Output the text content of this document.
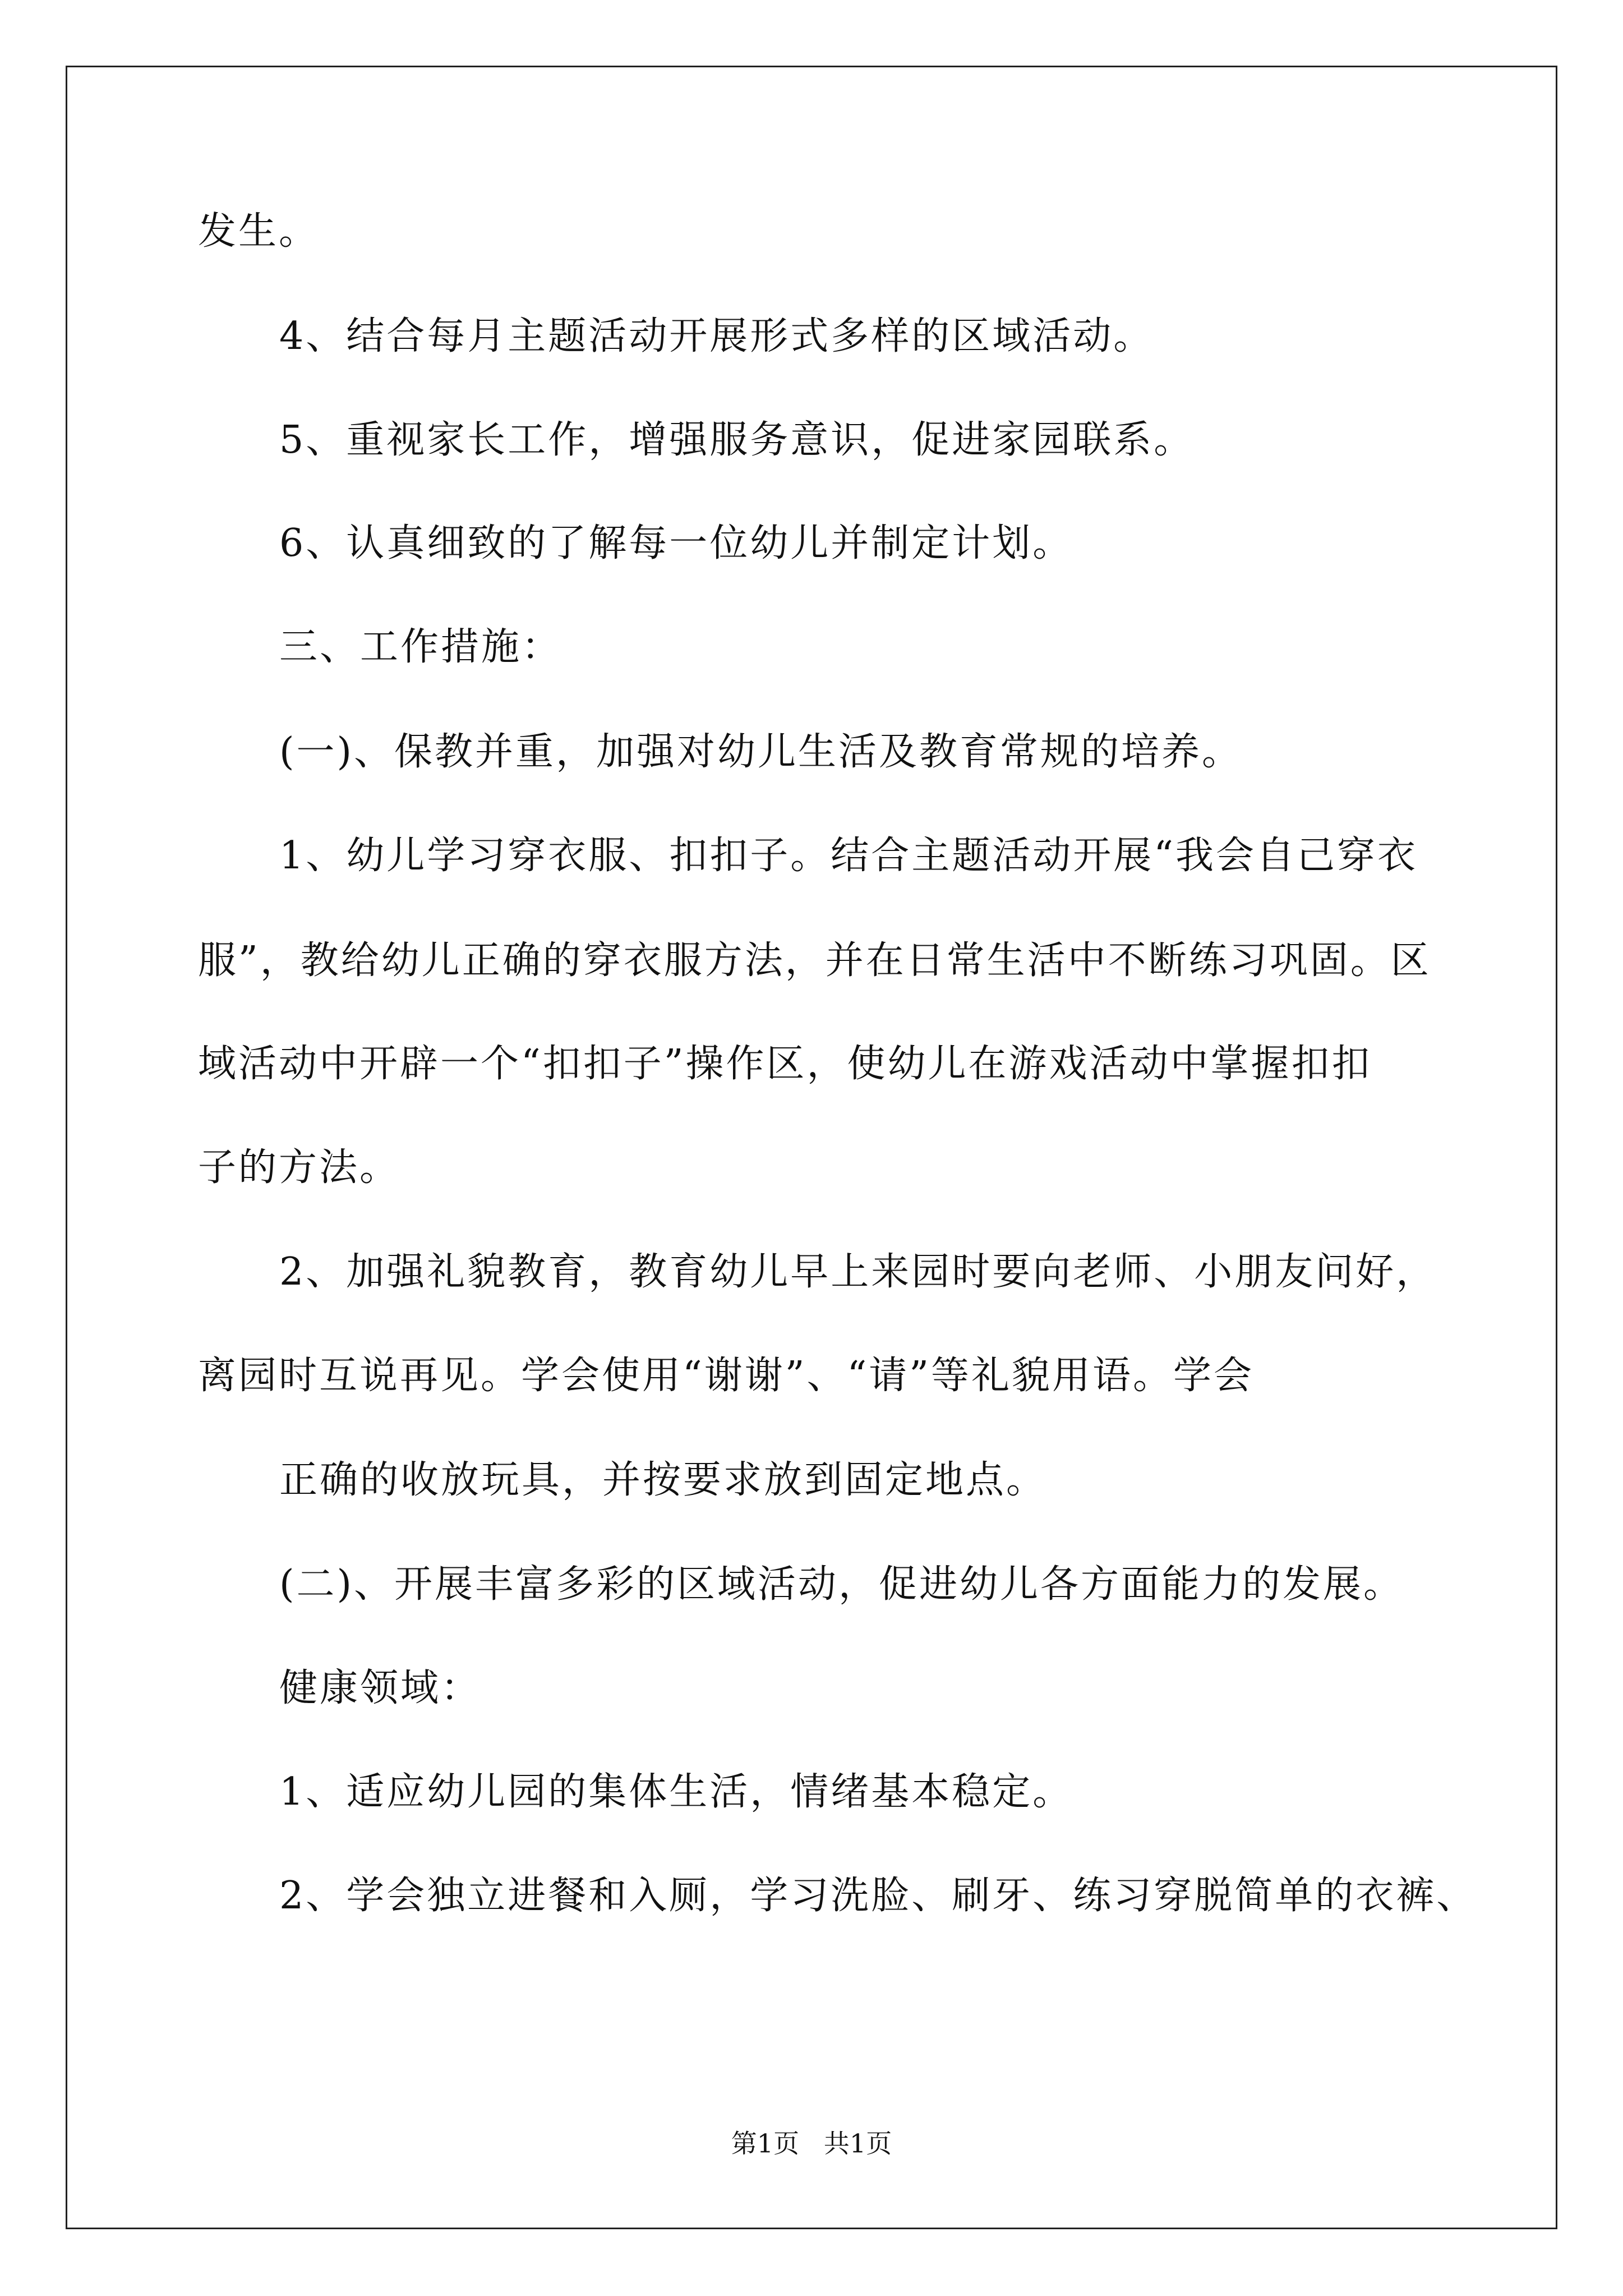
发生。
4、结合每月主题活动开展形式多样的区域活动。
5、重视家长工作，增强服务意识，促进家园联系。
6、认真细致的了解每一位幼儿并制定计划。
三、工作措施：
(一)、保教并重，加强对幼儿生活及教育常规的培养。
1、幼儿学习穿衣服、扣扣子。结合主题活动开展“我会自己穿衣
服”，教给幼儿正确的穿衣服方法，并在日常生活中不断练习巩固。区
域活动中开辟一个“扣扣子”操作区，使幼儿在游戏活动中掌握扣扣
子的方法。
2、加强礼貌教育，教育幼儿早上来园时要向老师、小朋友问好，
离园时互说再见。学会使用“谢谢”、“请”等礼貌用语。学会
正确的收放玩具，并按要求放到固定地点。
(二)、开展丰富多彩的区域活动，促进幼儿各方面能力的发展。
健康领域：
1、适应幼儿园的集体生活，情绪基本稳定。
2、学会独立进餐和入厕，学习洗脸、刷牙、练习穿脱简单的衣裤、
第1页   共1页
